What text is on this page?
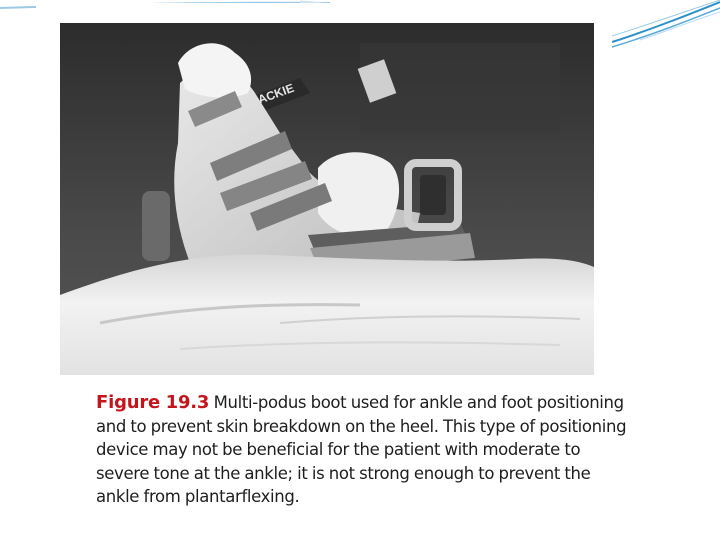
ACKIE
Figure 19.3 Multi-podus boot used for ankle and foot positioning and to prevent skin breakdown on the heel. This type of positioning device may not be beneficial for the patient with moderate to severe tone at the ankle; it is not strong enough to prevent the ankle from plantarflexing.
